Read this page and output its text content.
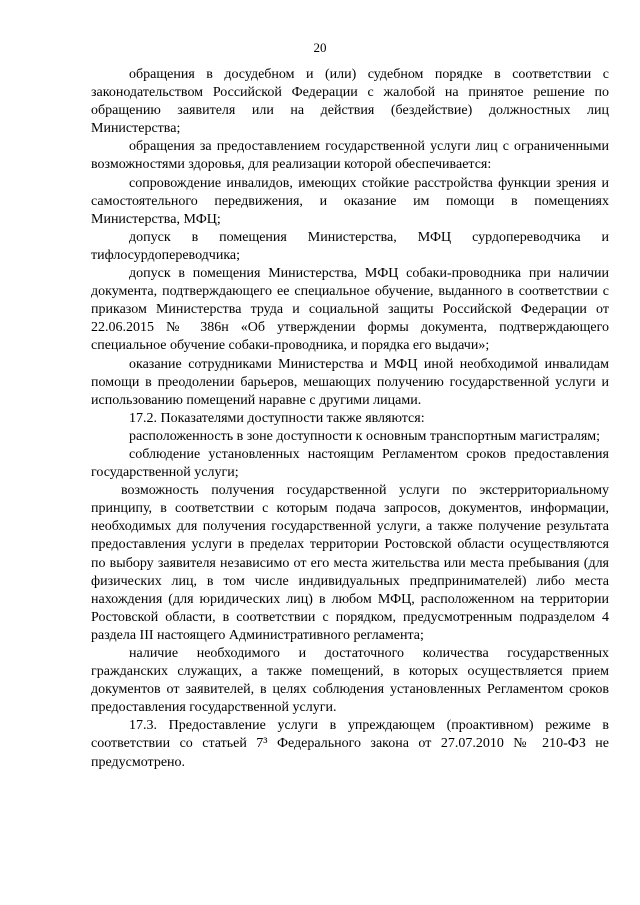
20

обращения в досудебном и (или) судебном порядке в соответствии с законодательством Российской Федерации с жалобой на принятое решение по обращению заявителя или на действия (бездействие) должностных лиц Министерства;

обращения за предоставлением государственной услуги лиц с ограниченными возможностями здоровья, для реализации которой обеспечивается:

сопровождение инвалидов, имеющих стойкие расстройства функции зрения и самостоятельного передвижения, и оказание им помощи в помещениях Министерства, МФЦ;

допуск в помещения Министерства, МФЦ сурдопереводчика и тифлосурдопереводчика;

допуск в помещения Министерства, МФЦ собаки-проводника при наличии документа, подтверждающего ее специальное обучение, выданного в соответствии с приказом Министерства труда и социальной защиты Российской Федерации от 22.06.2015 № 386н «Об утверждении формы документа, подтверждающего специальное обучение собаки-проводника, и порядка его выдачи»;

оказание сотрудниками Министерства и МФЦ иной необходимой инвалидам помощи в преодолении барьеров, мешающих получению государственной услуги и использованию помещений наравне с другими лицами.

17.2. Показателями доступности также являются:

расположенность в зоне доступности к основным транспортным магистралям;

соблюдение установленных настоящим Регламентом сроков предоставления государственной услуги;

возможность получения государственной услуги по экстерриториальному принципу, в соответствии с которым подача запросов, документов, информации, необходимых для получения государственной услуги, а также получение результата предоставления услуги в пределах территории Ростовской области осуществляются по выбору заявителя независимо от его места жительства или места пребывания (для физических лиц, в том числе индивидуальных предпринимателей) либо места нахождения (для юридических лиц) в любом МФЦ, расположенном на территории Ростовской области, в соответствии с порядком, предусмотренным подразделом 4 раздела III настоящего Административного регламента;

наличие необходимого и достаточного количества государственных гражданских служащих, а также помещений, в которых осуществляется прием документов от заявителей, в целях соблюдения установленных Регламентом сроков предоставления государственной услуги.

17.3. Предоставление услуги в упреждающем (проактивном) режиме в соответствии со статьей 7³ Федерального закона от 27.07.2010 № 210-ФЗ не предусмотрено.
